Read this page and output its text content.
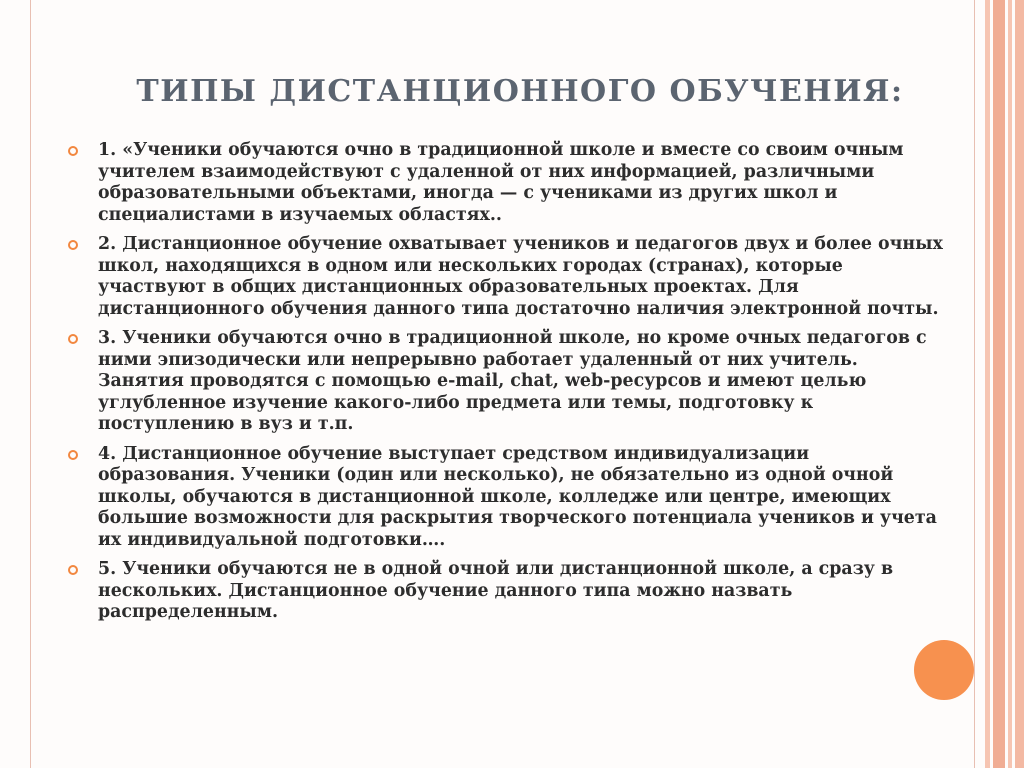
ТИПЫ ДИСТАНЦИОННОГО ОБУЧЕНИЯ:
1. «Ученики обучаются очно в традиционной школе и вместе со своим очным учителем взаимодействуют с удаленной от них информацией, различными образовательными объектами, иногда — с учениками из других школ и специалистами в изучаемых областях..
2. Дистанционное обучение охватывает учеников и педагогов двух и более очных школ, находящихся в одном или нескольких городах (странах), которые участвуют в общих дистанционных образовательных проектах. Для дистанционного обучения данного типа достаточно наличия электронной почты.
3. Ученики обучаются очно в традиционной школе, но кроме очных педагогов с ними эпизодически или непрерывно работает удаленный от них учитель. Занятия проводятся с помощью e-mail, chat, web-ресурсов и имеют целью углубленное изучение какого-либо предмета или темы, подготовку к поступлению в вуз и т.п.
4. Дистанционное обучение выступает средством индивидуализации образования. Ученики (один или несколько), не обязательно из одной очной школы, обучаются в дистанционной школе, колледже или центре, имеющих большие возможности для раскрытия творческого потенциала учеников и учета их индивидуальной подготовки….
5. Ученики обучаются не в одной очной или дистанционной школе, а сразу в нескольких. Дистанционное обучение данного типа можно назвать распределенным.
